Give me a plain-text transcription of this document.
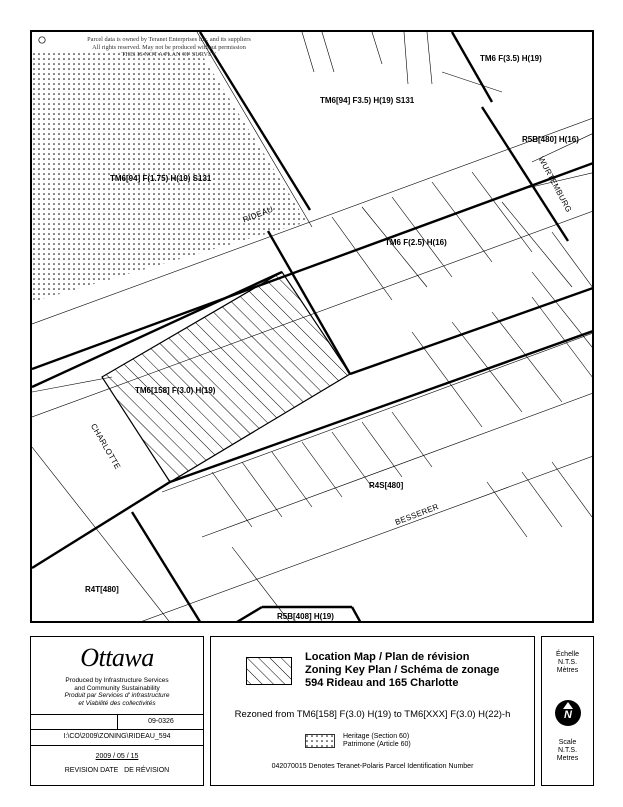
Parcel data is owned by Teranet Enterprises Inc. and its suppliers
All rights reserved. May not be produced without permission
THIS IS NOT A PLAN OF SURVEY	TM6 F(3.5) H(19)
TM6[94] F3.5) H(19) S131
TM6[94] F(1.75) H(19) S131
R5B[480] H(16)
TM6 F(2.5) H(16)
TM6[158] F(3.0) H(19)
R4S[480]
R4T[480]
R5B[408] H(19)
RIDEAU
WURTEMBURG
CHARLOTTE
BESSERER
Ottawa
Produced by Infrastructure Services
and Community Sustainability
Produit par Services d' infrastructure
et Viabilité des collectivités
09-0326
I:\CO\2009\ZONING\RIDEAU_594
2009 / 05 / 15
REVISION DATE   DE RÉVISION
Location Map / Plan de révision
Zoning Key Plan / Schéma de zonage
594 Rideau and 165 Charlotte
Rezoned from TM6[158] F(3.0) H(19) to TM6[XXX] F(3.0) H(22)-h
Heritage (Section 60)
Patrimone (Article 60)
042070015 Denotes Teranet-Polaris Parcel Identification Number
Échelle
N.T.S.
Mètres
N
Scale
N.T.S.
Metres
